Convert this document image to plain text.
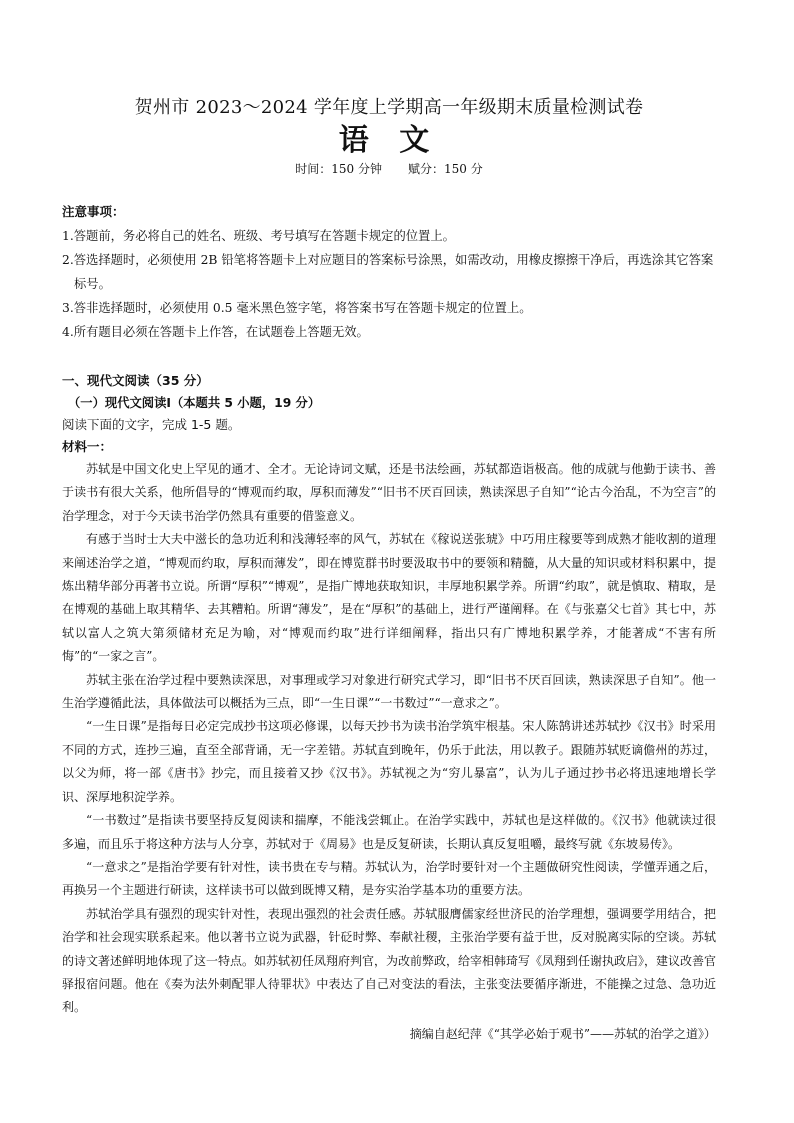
贺州市 2023～2024 学年度上学期高一年级期末质量检测试卷

语 文

时间：150 分钟 赋分：150 分

注意事项：

1.答题前，务必将自己的姓名、班级、考号填写在答题卡规定的位置上。

2.答选择题时，必须使用 2B 铅笔将答题卡上对应题目的答案标号涂黑，如需改动，用橡皮擦擦干净后，再选涂其它答案标号。

3.答非选择题时，必须使用 0.5 毫米黑色签字笔，将答案书写在答题卡规定的位置上。

4.所有题目必须在答题卡上作答，在试题卷上答题无效。

一、现代文阅读（35 分）

（一）现代文阅读Ⅰ（本题共 5 小题，19 分）

阅读下面的文字，完成 1-5 题。

材料一：

苏轼是中国文化史上罕见的通才、全才。无论诗词文赋，还是书法绘画，苏轼都造诣极高。他的成就与他勤于读书、善于读书有很大关系，他所倡导的“博观而约取，厚积而薄发”“旧书不厌百回读，熟读深思子自知”“论古今治乱，不为空言”的治学理念，对于今天读书治学仍然具有重要的借鉴意义。

有感于当时士大夫中滋长的急功近利和浅薄轻率的风气，苏轼在《稼说送张琥》中巧用庄稼要等到成熟才能收割的道理来阐述治学之道，“博观而约取，厚积而薄发”，即在博览群书时要汲取书中的要领和精髓，从大量的知识或材料积累中，提炼出精华部分再著书立说。所谓“厚积”“博观”，是指广博地获取知识，丰厚地积累学养。所谓“约取”，就是慎取、精取，是在博观的基础上取其精华、去其糟粕。所谓“薄发”，是在“厚积”的基础上，进行严谨阐释。在《与张嘉父七首》其七中，苏轼以富人之筑大第须储材充足为喻，对“博观而约取”进行详细阐释，指出只有广博地积累学养，才能著成“不害有所悔”的“一家之言”。

苏轼主张在治学过程中要熟读深思，对事理或学习对象进行研究式学习，即“旧书不厌百回读，熟读深思子自知”。他一生治学遵循此法，具体做法可以概括为三点，即“一生日课”“一书数过”“一意求之”。

“一生日课”是指每日必定完成抄书这项必修课，以每天抄书为读书治学筑牢根基。宋人陈鹄讲述苏轼抄《汉书》时采用不同的方式，连抄三遍，直至全部背诵，无一字差错。苏轼直到晚年，仍乐于此法，用以教子。跟随苏轼贬谪儋州的苏过，以父为师，将一部《唐书》抄完，而且接着又抄《汉书》。苏轼视之为“穷儿暴富”，认为儿子通过抄书必将迅速地增长学识、深厚地积淀学养。

“一书数过”是指读书要坚持反复阅读和揣摩，不能浅尝辄止。在治学实践中，苏轼也是这样做的。《汉书》他就读过很多遍，而且乐于将这种方法与人分享，苏轼对于《周易》也是反复研读，长期认真反复咀嚼，最终写就《东坡易传》。

“一意求之”是指治学要有针对性，读书贵在专与精。苏轼认为，治学时要针对一个主题做研究性阅读，学懂弄通之后，再换另一个主题进行研读，这样读书可以做到既博又精，是夯实治学基本功的重要方法。

苏轼治学具有强烈的现实针对性，表现出强烈的社会责任感。苏轼服膺儒家经世济民的治学理想，强调要学用结合，把治学和社会现实联系起来。他以著书立说为武器，针砭时弊、奉献社稷，主张治学要有益于世，反对脱离实际的空谈。苏轼的诗文著述鲜明地体现了这一特点。如苏轼初任凤翔府判官，为改前弊政，给宰相韩琦写《凤翔到任谢执政启》，建议改善官驿报宿问题。他在《奏为法外刺配罪人待罪状》中表达了自己对变法的看法，主张变法要循序渐进，不能操之过急、急功近利。

摘编自赵纪萍《“其学必始于观书”——苏轼的治学之道》）
